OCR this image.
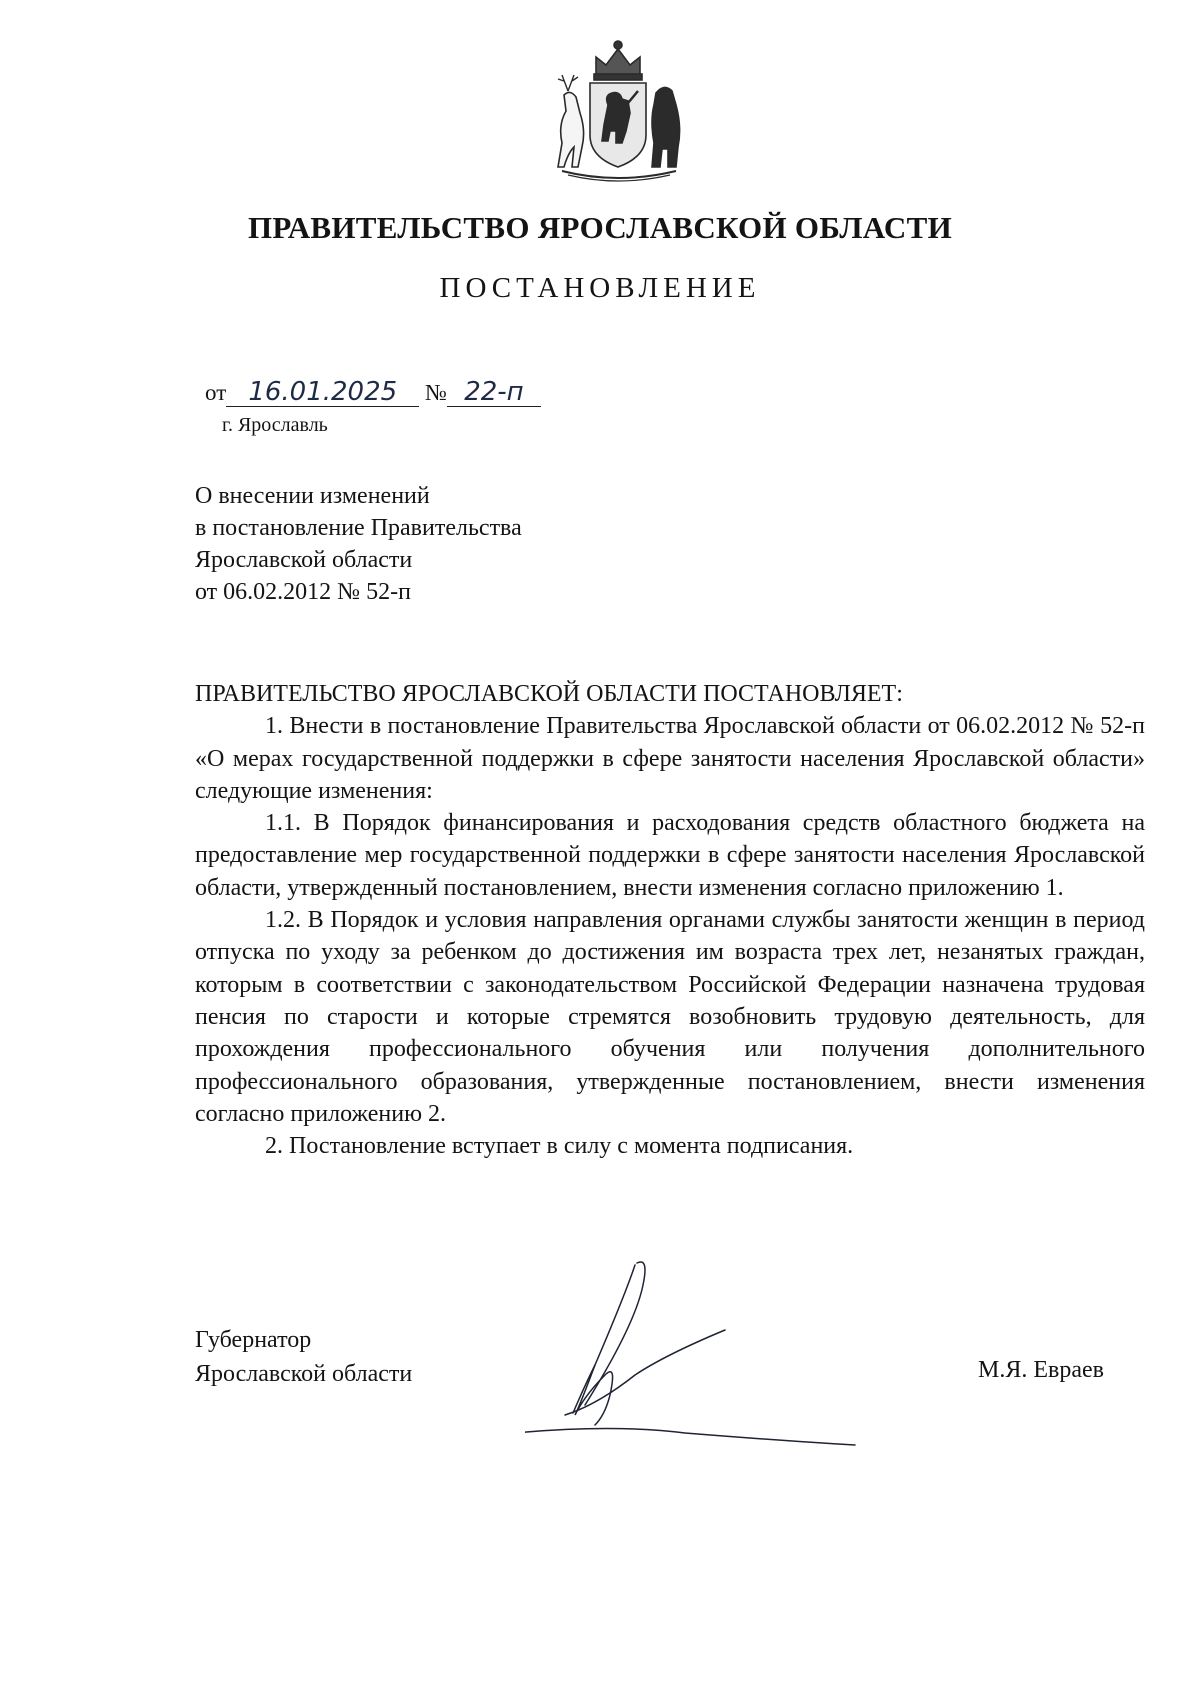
ПРАВИТЕЛЬСТВО ЯРОСЛАВСКОЙ ОБЛАСТИ
ПОСТАНОВЛЕНИЕ
от 16.01.2025 № 22-п
г. Ярославль
О внесении изменений
в постановление Правительства
Ярославской области
от 06.02.2012 № 52-п
ПРАВИТЕЛЬСТВО ЯРОСЛАВСКОЙ ОБЛАСТИ ПОСТАНОВЛЯЕТ:

1. Внести в постановление Правительства Ярославской области от 06.02.2012 № 52-п «О мерах государственной поддержки в сфере занятости населения Ярославской области» следующие изменения:

1.1. В Порядок финансирования и расходования средств областного бюджета на предоставление мер государственной поддержки в сфере занятости населения Ярославской области, утвержденный постановлением, внести изменения согласно приложению 1.

1.2. В Порядок и условия направления органами службы занятости женщин в период отпуска по уходу за ребенком до достижения им возраста трех лет, незанятых граждан, которым в соответствии с законодательством Российской Федерации назначена трудовая пенсия по старости и которые стремятся возобновить трудовую деятельность, для прохождения профессионального обучения или получения дополнительного профессионального образования, утвержденные постановлением, внести изменения согласно приложению 2.

2. Постановление вступает в силу с момента подписания.

Губернатор
Ярославской области	М.Я. Евраев
